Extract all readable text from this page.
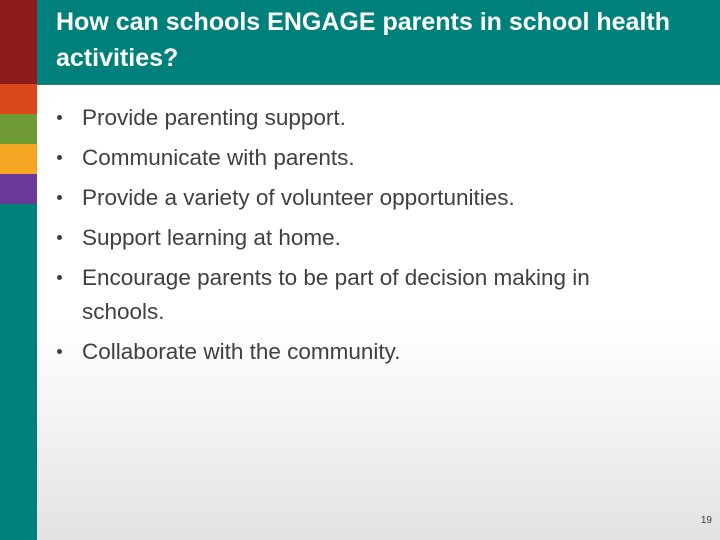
How can schools ENGAGE parents in school health activities?
Provide parenting support.
Communicate with parents.
Provide a variety of volunteer opportunities.
Support learning at home.
Encourage parents to be part of decision making in schools.
Collaborate with the community.
19
